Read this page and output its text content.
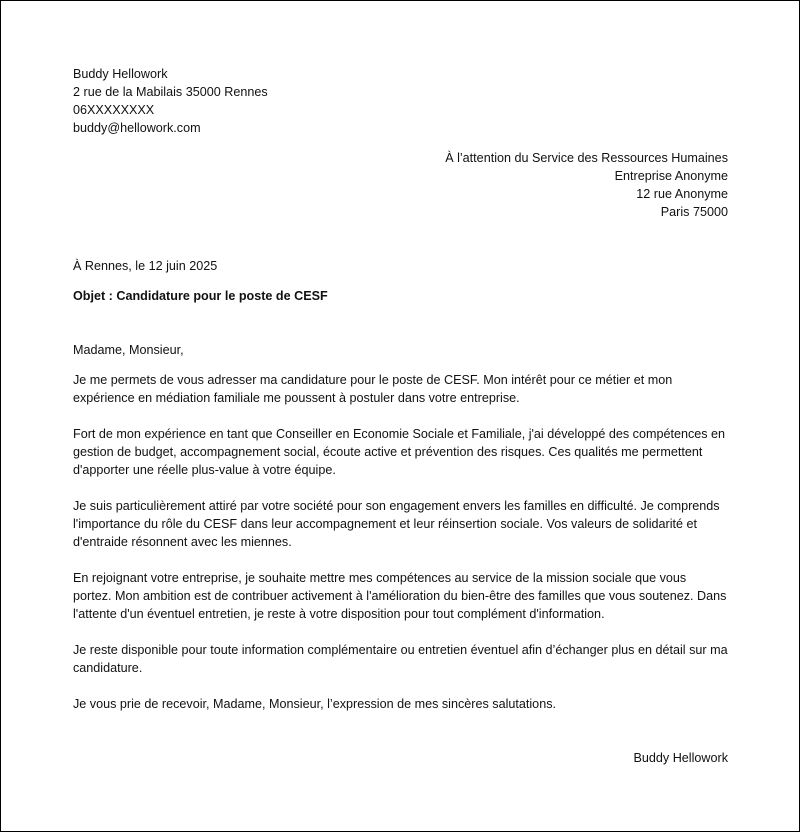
Buddy Hellowork

2 rue de la Mabilais 35000 Rennes

06XXXXXXXX

buddy@hellowork.com

À l’attention du Service des Ressources Humaines

Entreprise Anonyme

12 rue Anonyme

Paris 75000

À Rennes, le 12 juin 2025

Objet : Candidature pour le poste de CESF

Madame, Monsieur,

Je me permets de vous adresser ma candidature pour le poste de CESF. Mon intérêt pour ce métier et mon expérience en médiation familiale me poussent à postuler dans votre entreprise.

Fort de mon expérience en tant que Conseiller en Economie Sociale et Familiale, j'ai développé des compétences en gestion de budget, accompagnement social, écoute active et prévention des risques. Ces qualités me permettent d'apporter une réelle plus-value à votre équipe.

Je suis particulièrement attiré par votre société pour son engagement envers les familles en difficulté. Je comprends l'importance du rôle du CESF dans leur accompagnement et leur réinsertion sociale. Vos valeurs de solidarité et d'entraide résonnent avec les miennes.

En rejoignant votre entreprise, je souhaite mettre mes compétences au service de la mission sociale que vous portez. Mon ambition est de contribuer activement à l'amélioration du bien-être des familles que vous soutenez. Dans l'attente d'un éventuel entretien, je reste à votre disposition pour tout complément d'information.

Je reste disponible pour toute information complémentaire ou entretien éventuel afin d’échanger plus en détail sur ma candidature.

Je vous prie de recevoir, Madame, Monsieur, l’expression de mes sincères salutations.

Buddy Hellowork
